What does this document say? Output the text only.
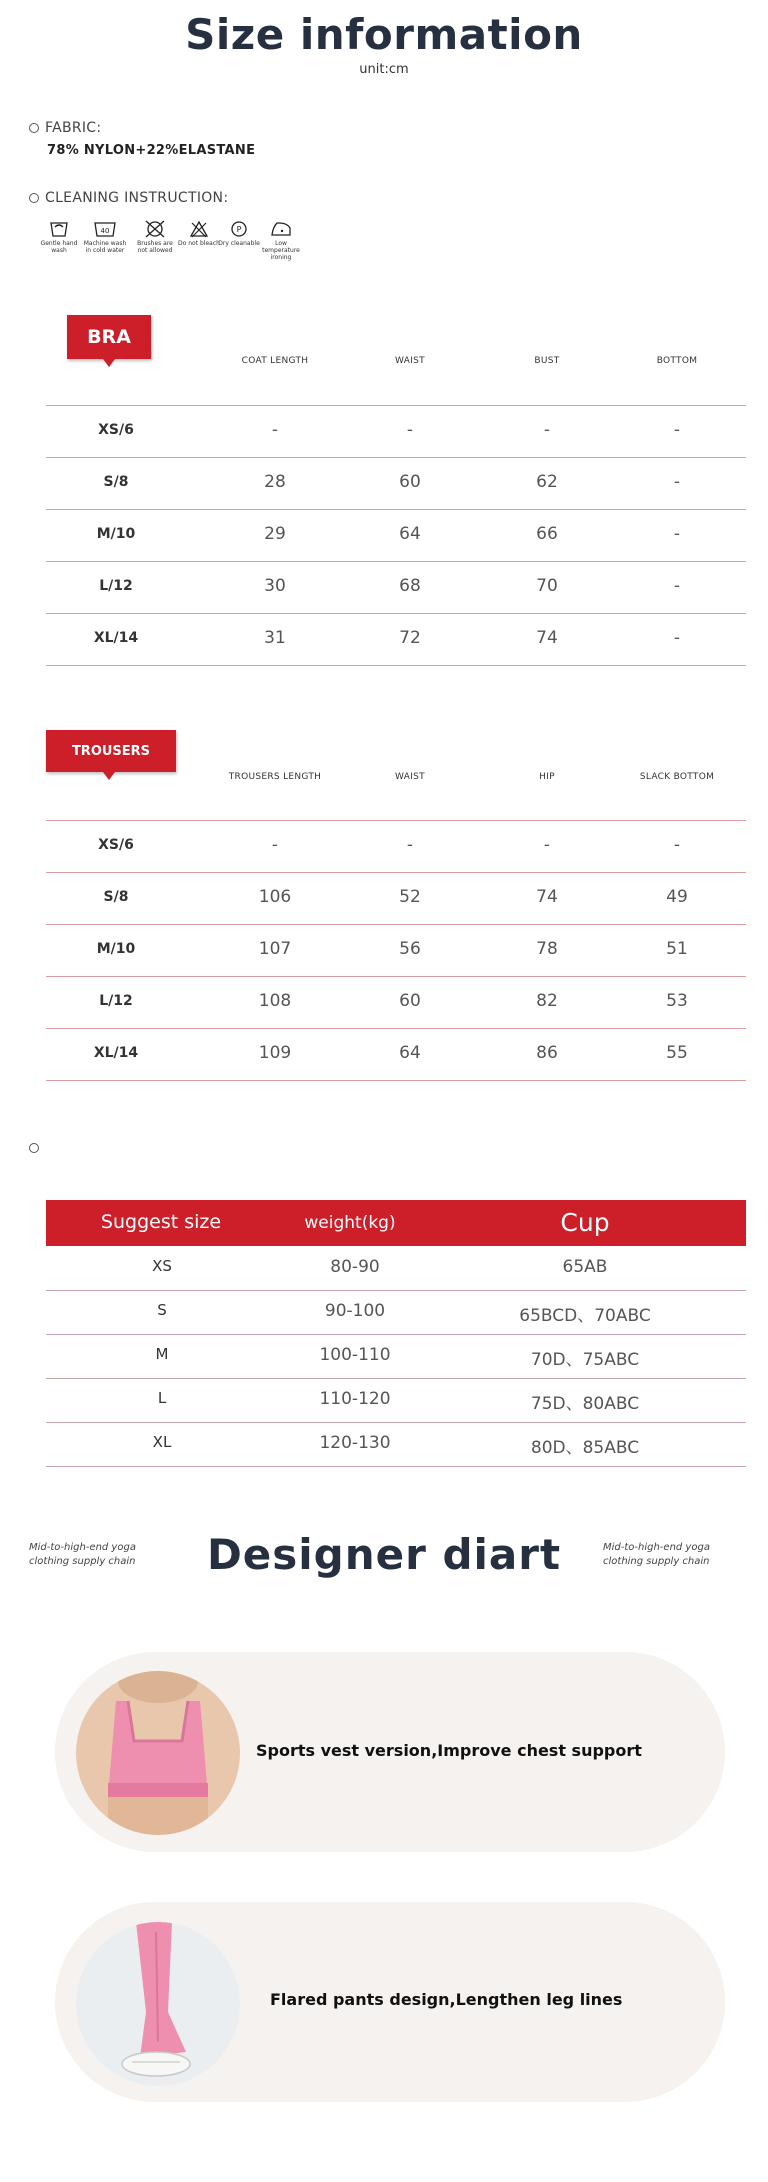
Size information
unit:cm
FABRIC:
78% NYLON+22%ELASTANE
CLEANING INSTRUCTION:
Gentle hand wash
40
Machine wash in cold water
Brushes are not allowed
Do not bleach
P
Dry cleanable	Low temperature ironing
BRA
COAT LENGTH	WAIST	BUST	BOTTOM
XS/6	-	-	-	-
S/8	28	60	62	-
M/10	29	64	66	-
L/12	30	68	70	-
XL/14	31	72	74	-
TROUSERS
TROUSERS LENGTH	WAIST	HIP	SLACK BOTTOM
XS/6	-	-	-	-
S/8	106	52	74	49
M/10	107	56	78	51
L/12	108	60	82	53
XL/14	109	64	86	55
Suggest size	weight(kg)	Cup
XS	80-90	65AB
S	90-100	65BCD、70ABC
M	100-110	70D、75ABC
L	110-120	75D、80ABC
XL	120-130	80D、85ABC
Mid-to-high-end yoga clothing supply chain	Designer diart	Mid-to-high-end yoga clothing supply chain
Sports vest version,Improve chest support
Flared pants design,Lengthen leg lines
